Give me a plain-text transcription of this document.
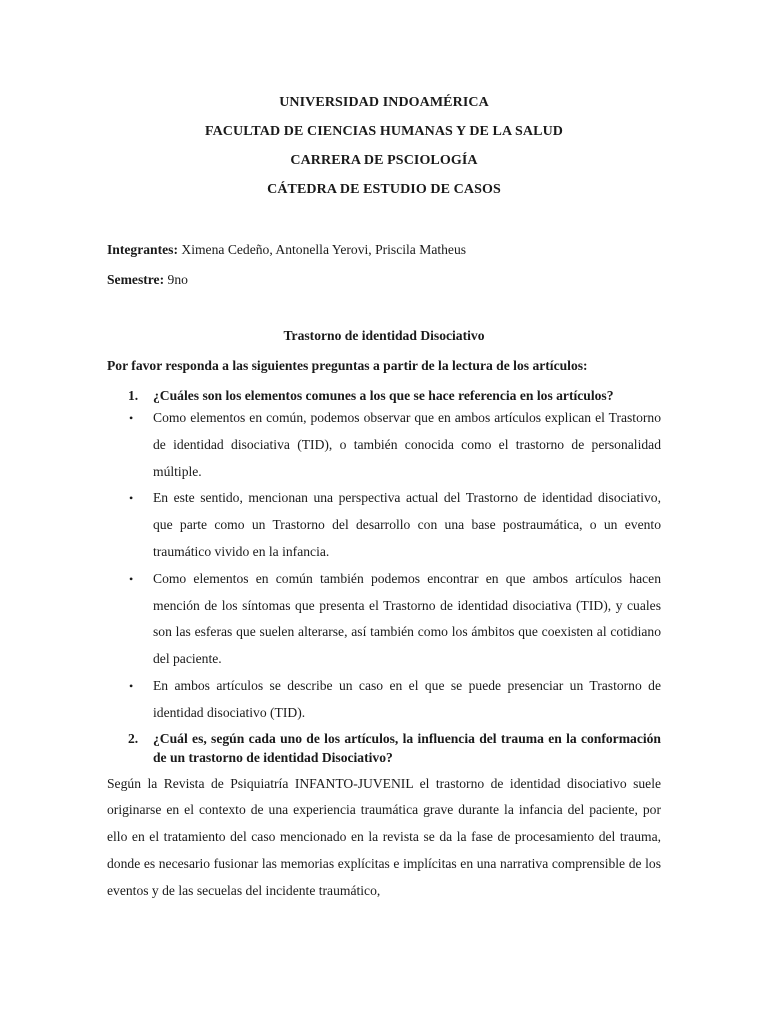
UNIVERSIDAD INDOAMÉRICA
FACULTAD DE CIENCIAS HUMANAS Y DE LA SALUD
CARRERA DE PSCIOLOGÍA
CÁTEDRA DE ESTUDIO DE CASOS
Integrantes: Ximena Cedeño, Antonella Yerovi, Priscila Matheus
Semestre: 9no
Trastorno de identidad Disociativo
Por favor responda a las siguientes preguntas a partir de la lectura de los artículos:
1. ¿Cuáles son los elementos comunes a los que se hace referencia en los artículos?
• Como elementos en común, podemos observar que en ambos artículos explican el Trastorno de identidad disociativa (TID), o también conocida como el trastorno de personalidad múltiple.
• En este sentido, mencionan una perspectiva actual del Trastorno de identidad disociativo, que parte como un Trastorno del desarrollo con una base postraumática, o un evento traumático vivido en la infancia.
• Como elementos en común también podemos encontrar en que ambos artículos hacen mención de los síntomas que presenta el Trastorno de identidad disociativa (TID), y cuales son las esferas que suelen alterarse, así también como los ámbitos que coexisten al cotidiano del paciente.
• En ambos artículos se describe un caso en el que se puede presenciar un Trastorno de identidad disociativo (TID).
2. ¿Cuál es, según cada uno de los artículos, la influencia del trauma en la conformación de un trastorno de identidad Disociativo?
Según la Revista de Psiquiatría INFANTO-JUVENIL el trastorno de identidad disociativo suele originarse en el contexto de una experiencia traumática grave durante la infancia del paciente, por ello en el tratamiento del caso mencionado en la revista se da la fase de procesamiento del trauma, donde es necesario fusionar las memorias explícitas e implícitas en una narrativa comprensible de los eventos y de las secuelas del incidente traumático,
